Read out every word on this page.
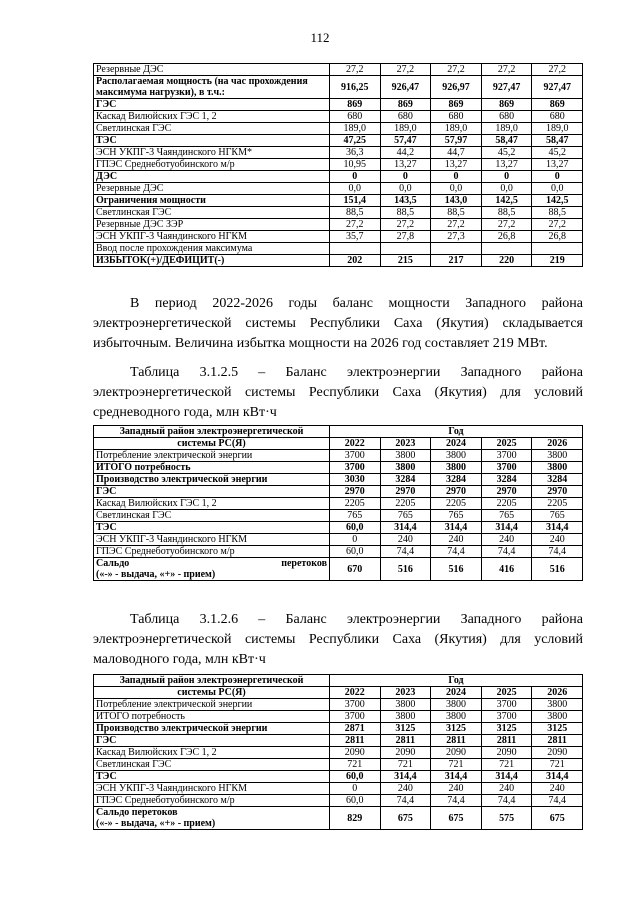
112
Резервные ДЭС	27,2	27,2	27,2	27,2	27,2
Располагаемая мощность (на час прохождения максимума нагрузки), в т.ч.:	916,25	926,47	926,97	927,47	927,47
ГЭС	869	869	869	869	869
Каскад Вилюйских ГЭС 1, 2	680	680	680	680	680
Светлинская ГЭС	189,0	189,0	189,0	189,0	189,0
ТЭС	47,25	57,47	57,97	58,47	58,47
ЭСН УКПГ-3 Чаяндинского НГКМ*	36,3	44,2	44,7	45,2	45,2
ГПЭС Среднеботуобинского м/р	10,95	13,27	13,27	13,27	13,27
ДЭС	0	0	0	0	0
Резервные ДЭС	0,0	0,0	0,0	0,0	0,0
Ограничения мощности	151,4	143,5	143,0	142,5	142,5
Светлинская ГЭС	88,5	88,5	88,5	88,5	88,5
Резервные ДЭС ЗЭР	27,2	27,2	27,2	27,2	27,2
ЭСН УКПГ-3 Чаяндинского НГКМ	35,7	27,8	27,3	26,8	26,8
Ввод после прохождения максимума					
ИЗБЫТОК(+)/ДЕФИЦИТ(-)	202	215	217	220	219
В период 2022-2026 годы баланс мощности Западного района
электроэнергетической системы Республики Саха (Якутия) складывается
избыточным. Величина избытка мощности на 2026 год составляет 219 МВт.
Таблица 3.1.2.5 – Баланс электроэнергии Западного района
электроэнергетической системы Республики Саха (Якутия) для условий
средневодного года, млн кВт·ч
Западный район электроэнергетической	Год				
системы РС(Я)	2022	2023	2024	2025	2026
Потребление электрической энергии	3700	3800	3800	3700	3800
ИТОГО потребность	3700	3800	3800	3700	3800
Производство электрической энергии	3030	3284	3284	3284	3284
ГЭС	2970	2970	2970	2970	2970
Каскад Вилюйских ГЭС 1, 2	2205	2205	2205	2205	2205
Светлинская ГЭС	765	765	765	765	765
ТЭС	60,0	314,4	314,4	314,4	314,4
ЭСН УКПГ-3 Чаяндинского НГКМ	0	240	240	240	240
ГПЭС Среднеботуобинского м/р	60,0	74,4	74,4	74,4	74,4

Сальдо перетоков
(«-» - выдача, «+» - прием)	670	516	516	416	516
Таблица 3.1.2.6 – Баланс электроэнергии Западного района
электроэнергетической системы Республики Саха (Якутия) для условий
маловодного года, млн кВт·ч
Западный район электроэнергетической	Год				
системы РС(Я)	2022	2023	2024	2025	2026
Потребление электрической энергии	3700	3800	3800	3700	3800
ИТОГО потребность	3700	3800	3800	3700	3800
Производство электрической энергии	2871	3125	3125	3125	3125
ГЭС	2811	2811	2811	2811	2811
Каскад Вилюйских ГЭС 1, 2	2090	2090	2090	2090	2090
Светлинская ГЭС	721	721	721	721	721
ТЭС	60,0	314,4	314,4	314,4	314,4
ЭСН УКПГ-3 Чаяндинского НГКМ	0	240	240	240	240
ГПЭС Среднеботуобинского м/р	60,0	74,4	74,4	74,4	74,4

Сальдо перетоков
(«-» - выдача, «+» - прием)	829	675	675	575	675
